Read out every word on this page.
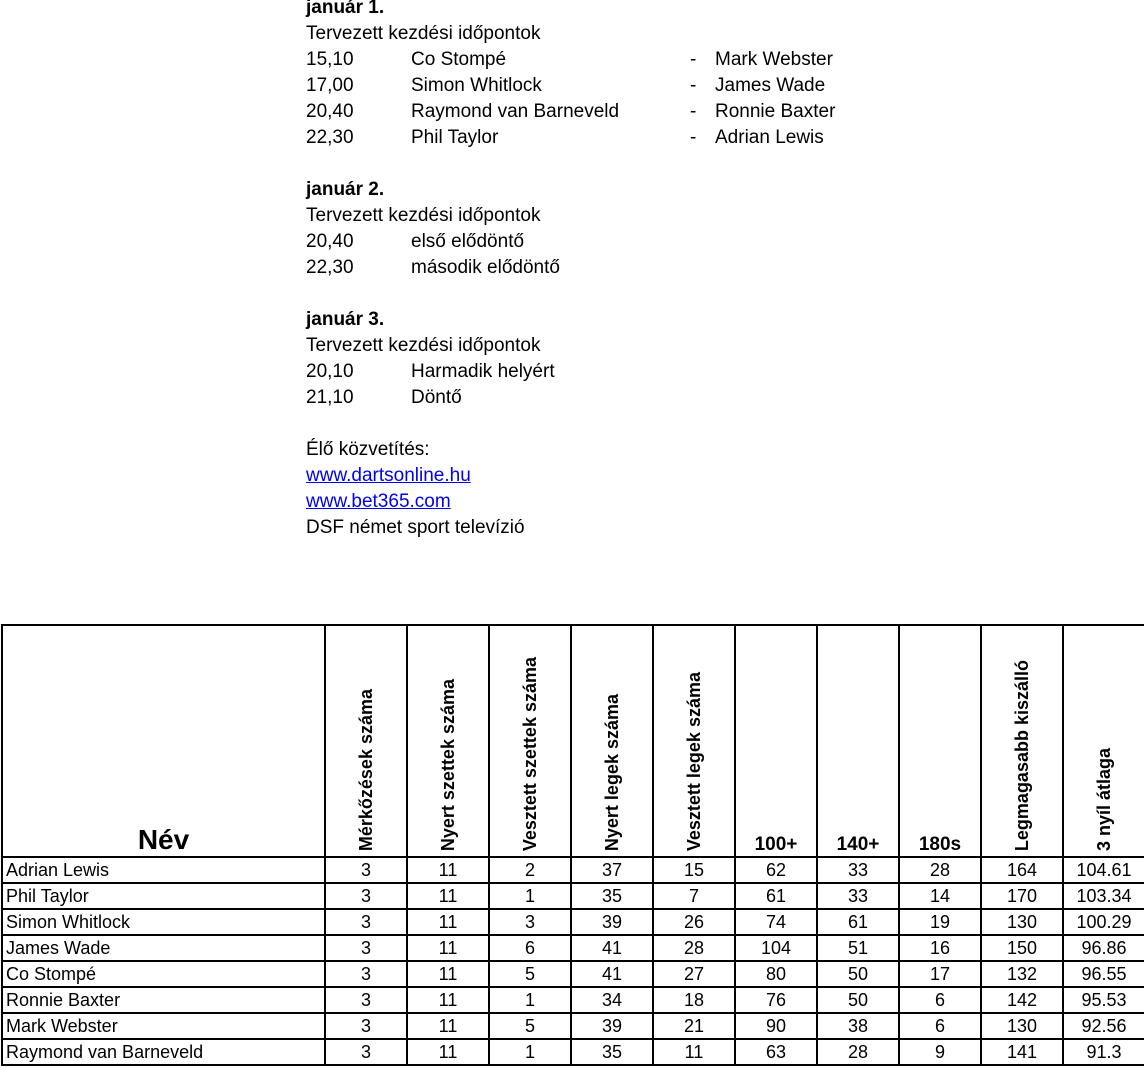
január 1.
Tervezett kezdési időpontok
15,10	Co Stompé	- Mark Webster
17,00	Simon Whitlock	- James Wade
20,40	Raymond van Barneveld	- Ronnie Baxter
22,30	Phil Taylor	- Adrian Lewis
január 2.
Tervezett kezdési időpontok
20,40	első elődöntő
22,30	második elődöntő
január 3.
Tervezett kezdési időpontok
20,10	Harmadik helyért
21,10	Döntő
Élő közvetítés:
www.dartsonline.hu
www.bet365.com
DSF német sport televízió
Név	Mérkőzések száma	Nyert szettek száma	Vesztett szettek száma	Nyert legek száma	Vesztett legek száma	100+	140+	180s	Legmagasabb kiszálló	3 nyíl átlaga
Adrian Lewis	3	11	2	37	15	62	33	28	164	104.61
Phil Taylor	3	11	1	35	7	61	33	14	170	103.34
Simon Whitlock	3	11	3	39	26	74	61	19	130	100.29
James Wade	3	11	6	41	28	104	51	16	150	96.86
Co Stompé	3	11	5	41	27	80	50	17	132	96.55
Ronnie Baxter	3	11	1	34	18	76	50	6	142	95.53
Mark Webster	3	11	5	39	21	90	38	6	130	92.56
Raymond van Barneveld	3	11	1	35	11	63	28	9	141	91.3
